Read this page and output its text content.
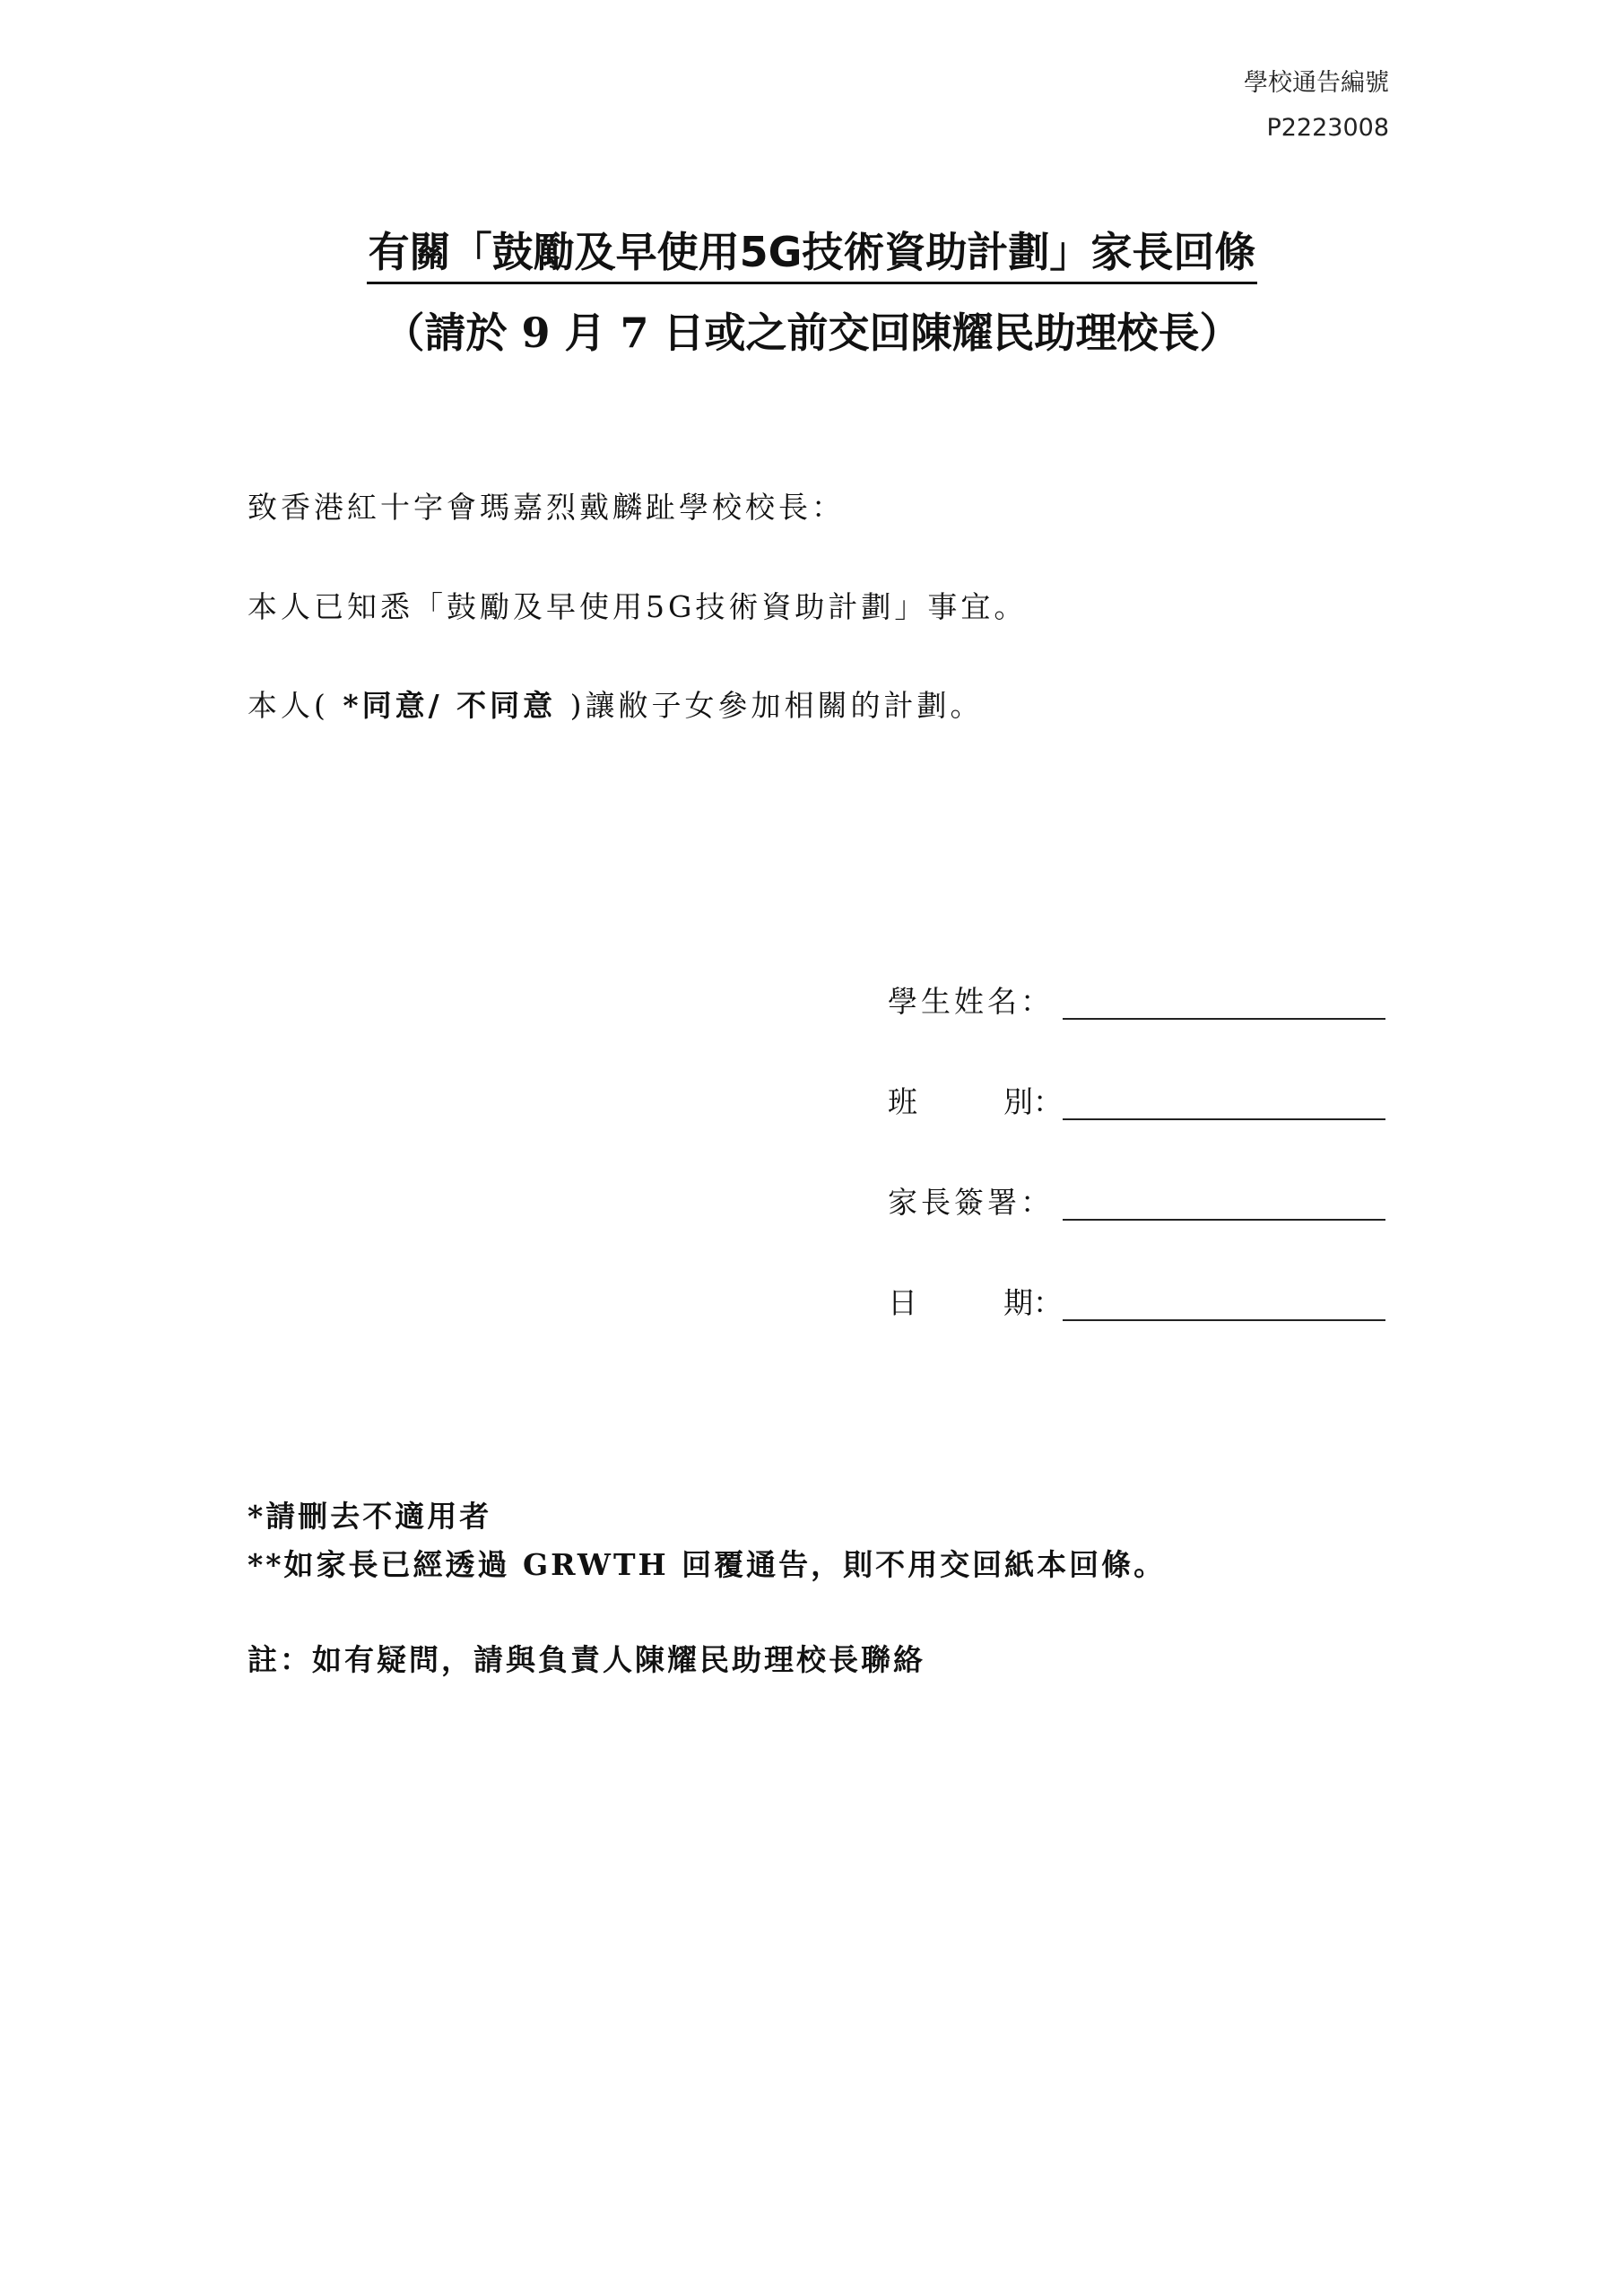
學校通告編號
P2223008
有關「鼓勵及早使用5G技術資助計劃」家長回條
（請於 9 月 7 日或之前交回陳耀民助理校長）
致香港紅十字會瑪嘉烈戴麟趾學校校長：
本人已知悉「鼓勵及早使用5G技術資助計劃」事宜。
本人( *同意/ 不同意 )讓敝子女參加相關的計劃。
學生姓名：
班	別：
家長簽署：
日	期：
*請刪去不適用者
**如家長已經透過 GRWTH 回覆通告，則不用交回紙本回條。
註：如有疑問，請與負責人陳耀民助理校長聯絡
